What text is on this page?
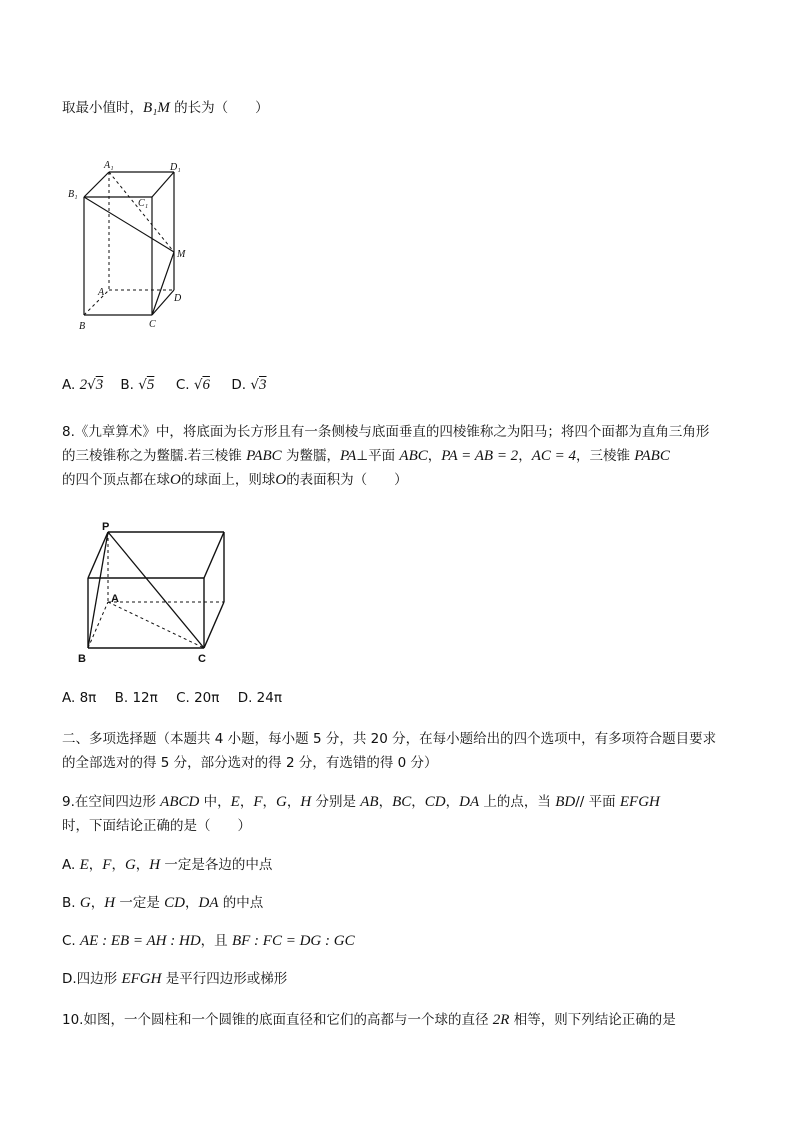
取最小值时，B₁M 的长为（　　）
A₁	D₁
B₁
C₁
M
A
D
B	C
A. 2√3 B. √5 C. √6 D. √3
8.《九章算术》中，将底面为长方形且有一条侧棱与底面垂直的四棱锥称之为阳马；将四个面都为直角三角形
的三棱锥称之为鳖臑.若三棱锥 PABC 为鳖臑，PA⊥平面 ABC，PA = AB = 2，AC = 4，三棱锥 PABC
的四个顶点都在球O的球面上，则球O的表面积为（　　）
P
A
B	C
A. 8π B. 12π C. 20π D. 24π
二、多项选择题（本题共 4 小题，每小题 5 分，共 20 分，在每小题给出的四个选项中，有多项符合题目要求
的全部选对的得 5 分，部分选对的得 2 分，有选错的得 0 分）
9.在空间四边形 ABCD 中，E，F，G，H 分别是 AB，BC，CD，DA 上的点，当 BD// 平面 EFGH
时，下面结论正确的是（　　）
A. E，F，G，H 一定是各边的中点
B. G，H 一定是 CD，DA 的中点
C. AE : EB = AH : HD，且 BF : FC = DG : GC
D.四边形 EFGH 是平行四边形或梯形
10.如图，一个圆柱和一个圆锥的底面直径和它们的高都与一个球的直径 2R 相等，则下列结论正确的是
